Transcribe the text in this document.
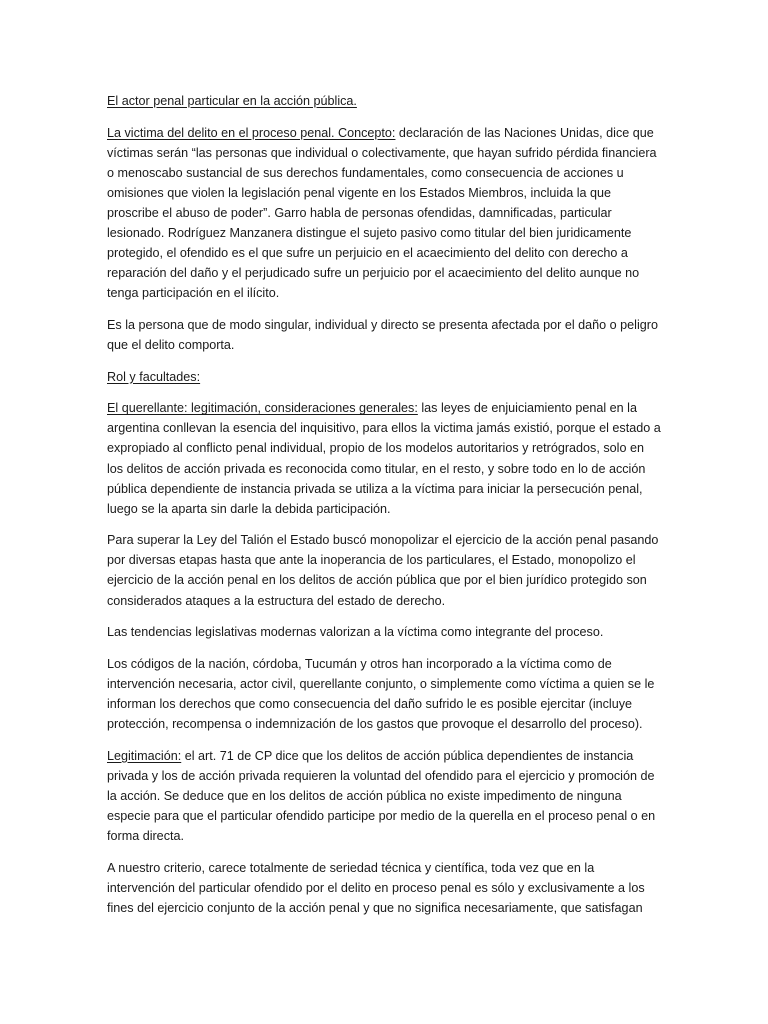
El actor penal particular en la acción pública.

La victima del delito en el proceso penal. Concepto: declaración de las Naciones Unidas, dice que víctimas serán “las personas que individual o colectivamente, que hayan sufrido pérdida financiera o menoscabo sustancial de sus derechos fundamentales, como consecuencia de acciones u omisiones que violen la legislación penal vigente en los Estados Miembros, incluida la que proscribe el abuso de poder”. Garro habla de personas ofendidas, damnificadas, particular lesionado. Rodríguez Manzanera distingue el sujeto pasivo como titular del bien juridicamente protegido, el ofendido es el que sufre un perjuicio en el acaecimiento del delito con derecho a reparación del daño y el perjudicado sufre un perjuicio por el acaecimiento del delito aunque no tenga participación en el ilícito.

Es la persona que de modo singular, individual y directo se presenta afectada por el daño o peligro que el delito comporta.

Rol y facultades:

El querellante: legitimación, consideraciones generales: las leyes de enjuiciamiento penal en la argentina conllevan la esencia del inquisitivo, para ellos la victima jamás existió, porque el estado a expropiado al conflicto penal individual, propio de los modelos autoritarios y retrógrados, solo en los delitos de acción privada es reconocida como titular, en el resto, y sobre todo en lo de acción pública dependiente de instancia privada se utiliza a la víctima para iniciar la persecución penal, luego se la aparta sin darle la debida participación.

Para superar la Ley del Talión el Estado buscó monopolizar el ejercicio de la acción penal pasando por diversas etapas hasta que ante la inoperancia de los particulares, el Estado, monopolizo el ejercicio de la acción penal en los delitos de acción pública que por el bien jurídico protegido son considerados ataques a la estructura del estado de derecho.

Las tendencias legislativas modernas valorizan a la víctima como integrante del proceso.

Los códigos de la nación, córdoba, Tucumán y otros han incorporado a la víctima como de intervención necesaria, actor civil, querellante conjunto, o simplemente como víctima a quien se le informan los derechos que como consecuencia del daño sufrido le es posible ejercitar (incluye protección, recompensa o indemnización de los gastos que provoque el desarrollo del proceso).

Legitimación: el art. 71 de CP dice que los delitos de acción pública dependientes de instancia privada y los de acción privada requieren la voluntad del ofendido para el ejercicio y promoción de la acción. Se deduce que en los delitos de acción pública no existe impedimento de ninguna especie para que el particular ofendido participe por medio de la querella en el proceso penal o en forma directa.

A nuestro criterio, carece totalmente de seriedad técnica y científica, toda vez que en la intervención del particular ofendido por el delito en proceso penal es sólo y exclusivamente a los fines del ejercicio conjunto de la acción penal y que no significa necesariamente, que satisfagan
